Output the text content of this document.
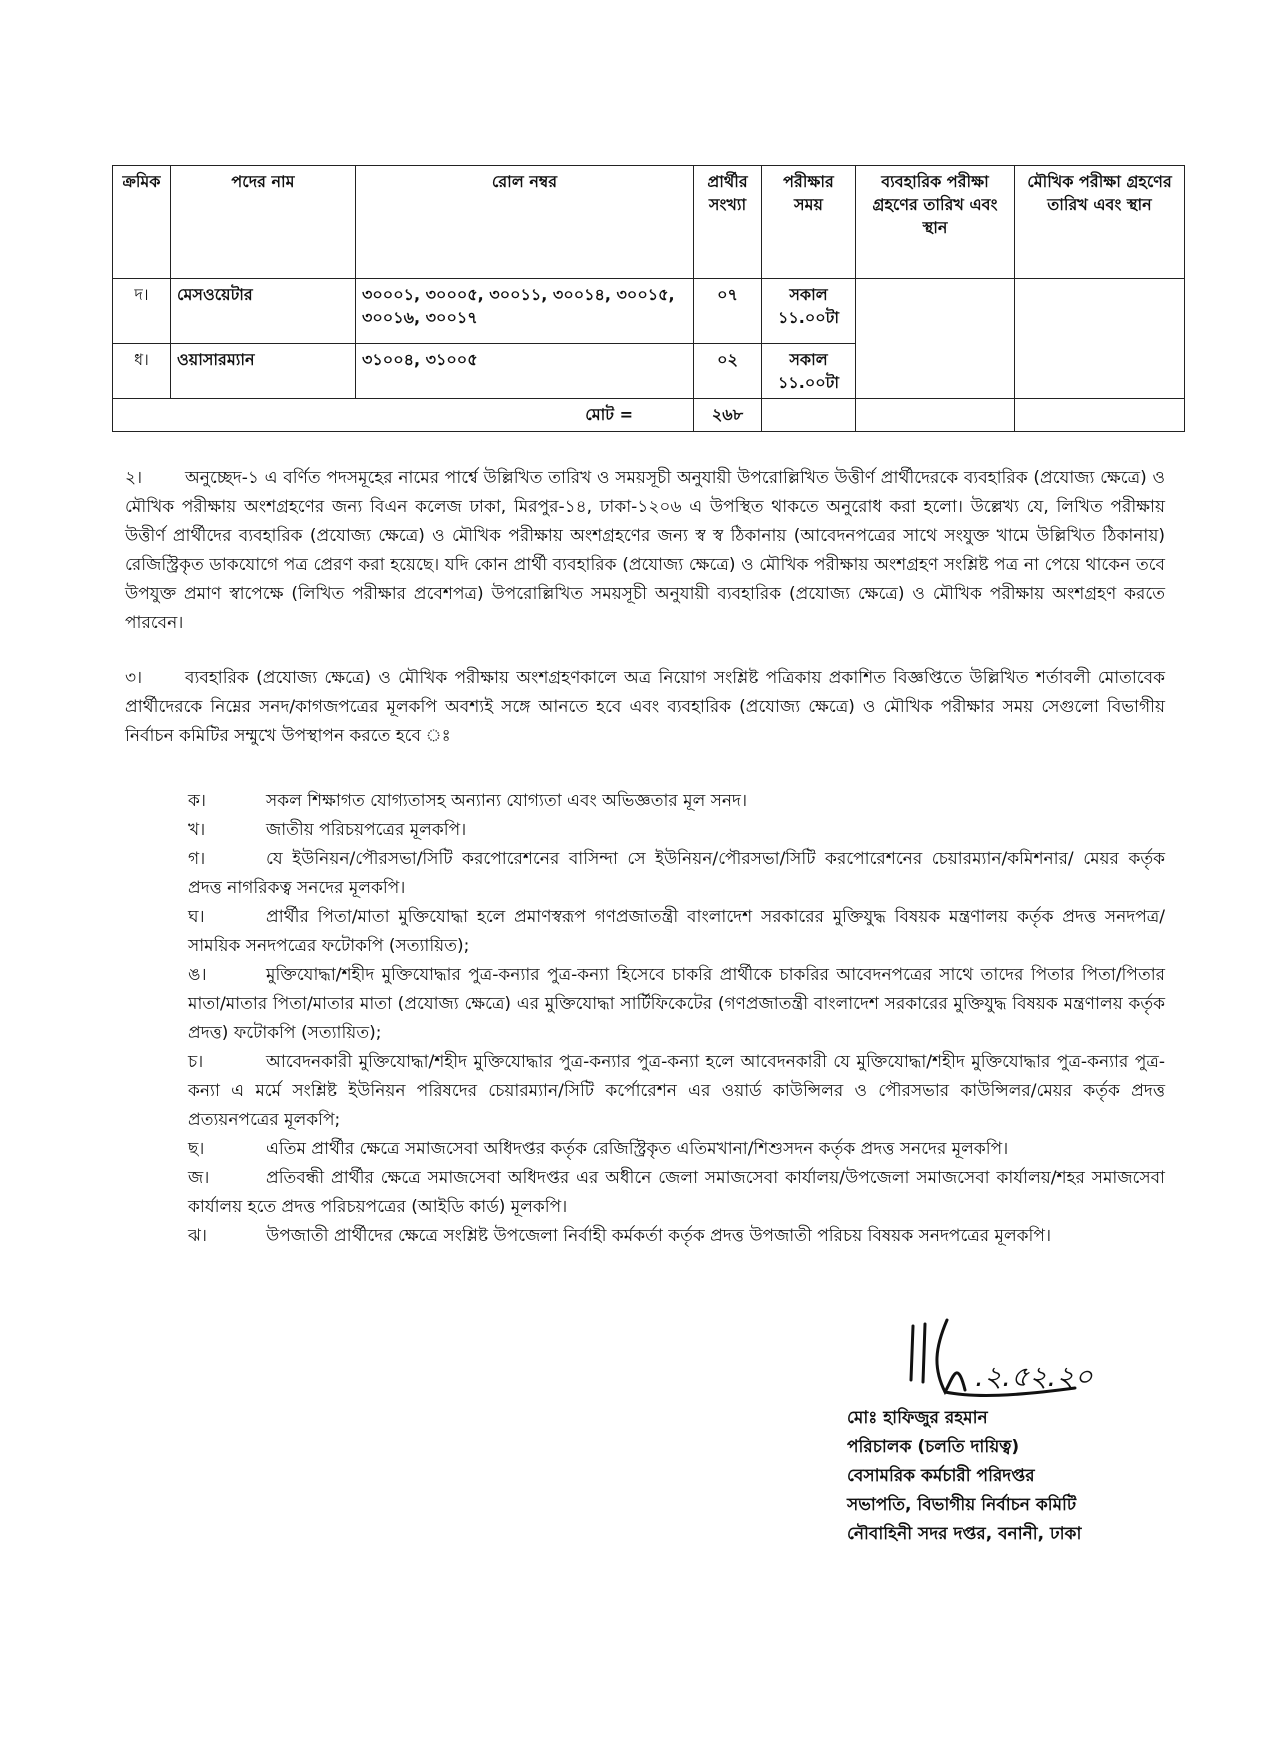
ক্রমিক	পদের নাম	রোল নম্বর	প্রার্থীর সংখ্যা	পরীক্ষার সময়	ব্যবহারিক পরীক্ষা গ্রহণের তারিখ এবং স্থান	মৌখিক পরীক্ষা গ্রহণের তারিখ এবং স্থান
দ।	মেসওয়েটার	৩০০০১, ৩০০০৫, ৩০০১১, ৩০০১৪, ৩০০১৫, ৩০০১৬, ৩০০১৭	০৭	সকাল ১১.০০টা		
ধ।	ওয়াসারম্যান	৩১০০৪, ৩১০০৫	০২	সকাল ১১.০০টা		
মোট =			২৬৮			
২।	অনুচ্ছেদ-১ এ বর্ণিত পদসমূহের নামের পার্শ্বে উল্লিখিত তারিখ ও সময়সূচী অনুযায়ী উপরোল্লিখিত উত্তীর্ণ প্রার্থীদেরকে ব্যবহারিক (প্রযোজ্য ক্ষেত্রে) ও মৌখিক পরীক্ষায় অংশগ্রহণের জন্য বিএন কলেজ ঢাকা, মিরপুর-১৪, ঢাকা-১২০৬ এ উপস্থিত থাকতে অনুরোধ করা হলো। উল্লেখ্য যে, লিখিত পরীক্ষায় উত্তীর্ণ প্রার্থীদের ব্যবহারিক (প্রযোজ্য ক্ষেত্রে) ও মৌখিক পরীক্ষায় অংশগ্রহণের জন্য স্ব স্ব ঠিকানায় (আবেদনপত্রের সাথে সংযুক্ত খামে উল্লিখিত ঠিকানায়) রেজিস্ট্রিকৃত ডাকযোগে পত্র প্রেরণ করা হয়েছে। যদি কোন প্রার্থী ব্যবহারিক (প্রযোজ্য ক্ষেত্রে) ও মৌখিক পরীক্ষায় অংশগ্রহণ সংশ্লিষ্ট পত্র না পেয়ে থাকেন তবে উপযুক্ত প্রমাণ স্বাপেক্ষে (লিখিত পরীক্ষার প্রবেশপত্র) উপরোল্লিখিত সময়সূচী অনুযায়ী ব্যবহারিক (প্রযোজ্য ক্ষেত্রে) ও মৌখিক পরীক্ষায় অংশগ্রহণ করতে পারবেন।
৩।	ব্যবহারিক (প্রযোজ্য ক্ষেত্রে) ও মৌখিক পরীক্ষায় অংশগ্রহণকালে অত্র নিয়োগ সংশ্লিষ্ট পত্রিকায় প্রকাশিত বিজ্ঞপ্তিতে উল্লিখিত শর্তাবলী মোতাবেক প্রার্থীদেরকে নিম্নের সনদ/কাগজপত্রের মূলকপি অবশ্যই সঙ্গে আনতে হবে এবং ব্যবহারিক (প্রযোজ্য ক্ষেত্রে) ও মৌখিক পরীক্ষার সময় সেগুলো বিভাগীয় নির্বাচন কমিটির সম্মুখে উপস্থাপন করতে হবে ঃ
ক।	সকল শিক্ষাগত যোগ্যতাসহ অন্যান্য যোগ্যতা এবং অভিজ্ঞতার মূল সনদ।
খ।	জাতীয় পরিচয়পত্রের মূলকপি।
গ।	যে ইউনিয়ন/পৌরসভা/সিটি করপোরেশনের বাসিন্দা সে ইউনিয়ন/পৌরসভা/সিটি করপোরেশনের চেয়ারম্যান/কমিশনার/ মেয়র কর্তৃক প্রদত্ত নাগরিকত্ব সনদের মূলকপি।
ঘ।	প্রার্থীর পিতা/মাতা মুক্তিযোদ্ধা হলে প্রমাণস্বরূপ গণপ্রজাতন্ত্রী বাংলাদেশ সরকারের মুক্তিযুদ্ধ বিষয়ক মন্ত্রণালয় কর্তৃক প্রদত্ত সনদপত্র/সাময়িক সনদপত্রের ফটোকপি (সত্যায়িত);
ঙ।	মুক্তিযোদ্ধা/শহীদ মুক্তিযোদ্ধার পুত্র-কন্যার পুত্র-কন্যা হিসেবে চাকরি প্রার্থীকে চাকরির আবেদনপত্রের সাথে তাদের পিতার পিতা/পিতার মাতা/মাতার পিতা/মাতার মাতা (প্রযোজ্য ক্ষেত্রে) এর মুক্তিযোদ্ধা সার্টিফিকেটের (গণপ্রজাতন্ত্রী বাংলাদেশ সরকারের মুক্তিযুদ্ধ বিষয়ক মন্ত্রণালয় কর্তৃক প্রদত্ত) ফটোকপি (সত্যায়িত);
চ।	আবেদনকারী মুক্তিযোদ্ধা/শহীদ মুক্তিযোদ্ধার পুত্র-কন্যার পুত্র-কন্যা হলে আবেদনকারী যে মুক্তিযোদ্ধা/শহীদ মুক্তিযোদ্ধার পুত্র-কন্যার পুত্র-কন্যা এ মর্মে সংশ্লিষ্ট ইউনিয়ন পরিষদের চেয়ারম্যান/সিটি কর্পোরেশন এর ওয়ার্ড কাউন্সিলর ও পৌরসভার কাউন্সিলর/মেয়র কর্তৃক প্রদত্ত প্রত্যয়নপত্রের মূলকপি;
ছ।	এতিম প্রার্থীর ক্ষেত্রে সমাজসেবা অধিদপ্তর কর্তৃক রেজিস্ট্রিকৃত এতিমখানা/শিশুসদন কর্তৃক প্রদত্ত সনদের মূলকপি।
জ।	প্রতিবন্ধী প্রার্থীর ক্ষেত্রে সমাজসেবা অধিদপ্তর এর অধীনে জেলা সমাজসেবা কার্যালয়/উপজেলা সমাজসেবা কার্যালয়/শহর সমাজসেবা কার্যালয় হতে প্রদত্ত পরিচয়পত্রের (আইডি কার্ড) মূলকপি।
ঝ।	উপজাতী প্রার্থীদের ক্ষেত্রে সংশ্লিষ্ট উপজেলা নির্বাহী কর্মকর্তা কর্তৃক প্রদত্ত উপজাতী পরিচয় বিষয়ক সনদপত্রের মূলকপি।
.২.৫২.২০
মোঃ হাফিজুর রহমান
পরিচালক (চলতি দায়িত্ব)
বেসামরিক কর্মচারী পরিদপ্তর
সভাপতি, বিভাগীয় নির্বাচন কমিটি
নৌবাহিনী সদর দপ্তর, বনানী, ঢাকা
